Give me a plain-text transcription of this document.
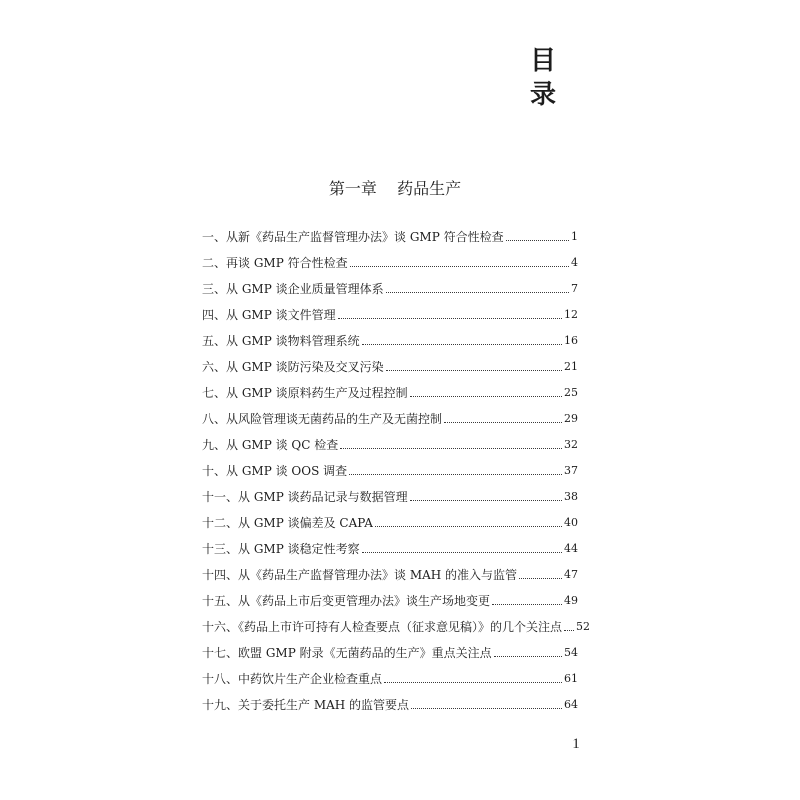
目 录
第一章    药品生产
一、从新《药品生产监督管理办法》谈 GMP 符合性检查	1
二、再谈 GMP 符合性检查	4
三、从 GMP 谈企业质量管理体系	7
四、从 GMP 谈文件管理	12
五、从 GMP 谈物料管理系统	16
六、从 GMP 谈防污染及交叉污染	21
七、从 GMP 谈原料药生产及过程控制	25
八、从风险管理谈无菌药品的生产及无菌控制	29
九、从 GMP 谈 QC 检查	32
十、从 GMP 谈 OOS 调查	37
十一、从 GMP 谈药品记录与数据管理	38
十二、从 GMP 谈偏差及 CAPA	40
十三、从 GMP 谈稳定性考察	44
十四、从《药品生产监督管理办法》谈 MAH 的准入与监管	47
十五、从《药品上市后变更管理办法》谈生产场地变更	49
十六、《药品上市许可持有人检查要点（征求意见稿）》的几个关注点 52
十七、欧盟 GMP 附录《无菌药品的生产》重点关注点	54
十八、中药饮片生产企业检查重点	61
十九、关于委托生产 MAH 的监管要点	64
1
